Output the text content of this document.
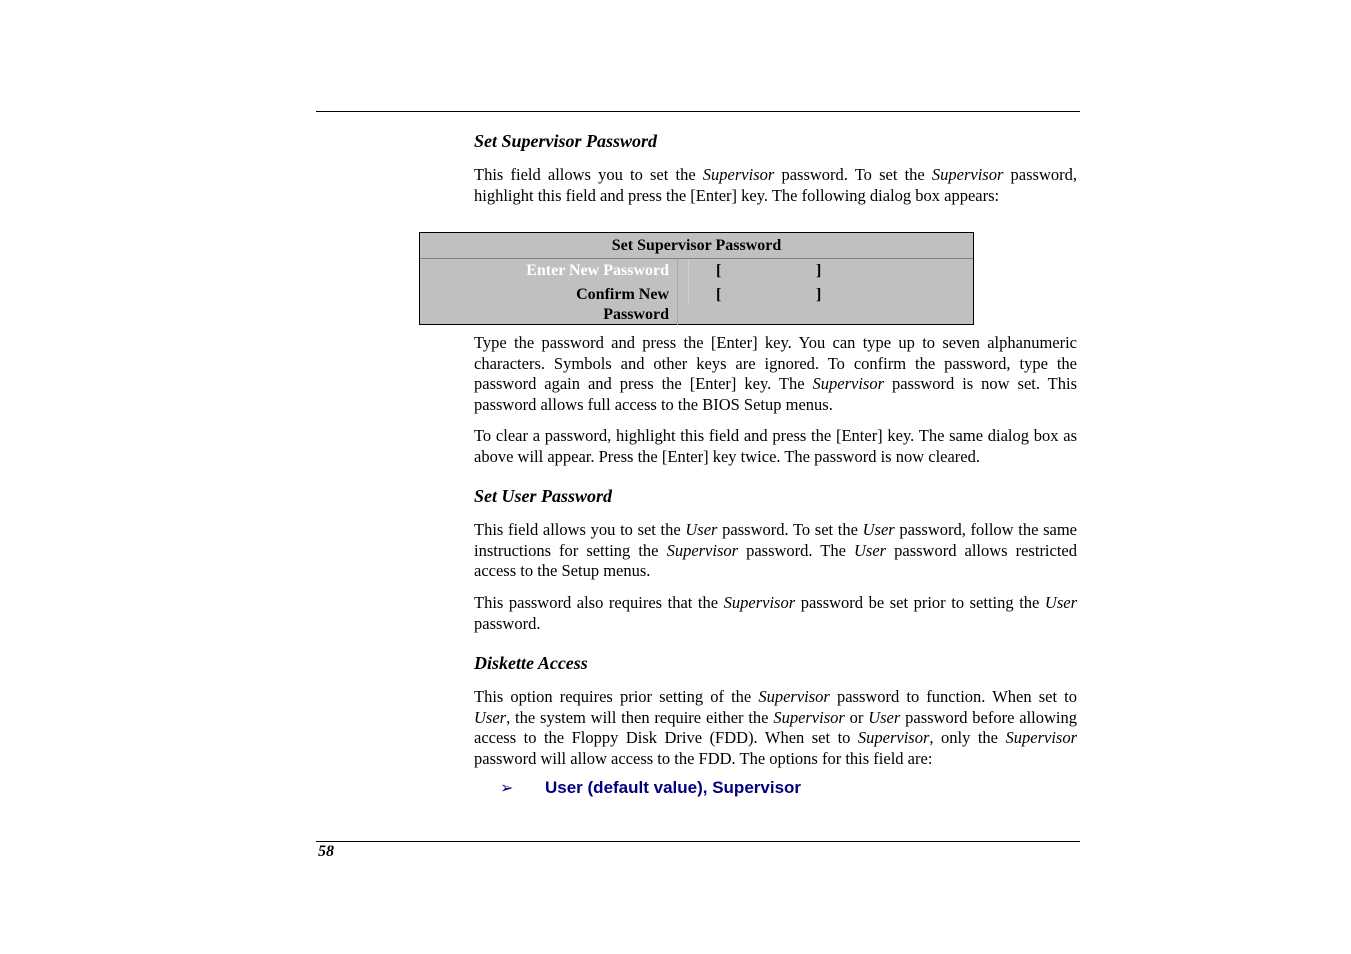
Set Supervisor Password

This field allows you to set the Supervisor password. To set the Supervisor password, highlight this field and press the [Enter] key. The following dialog box appears:

Set Supervisor Password
Enter New Password	[	]
Confirm New
Password
[	]

Type the password and press the [Enter] key. You can type up to seven alphanumeric characters. Symbols and other keys are ignored. To confirm the password, type the password again and press the [Enter] key. The Supervisor password is now set. This password allows full access to the BIOS Setup menus.

To clear a password, highlight this field and press the [Enter] key. The same dialog box as above will appear. Press the [Enter] key twice. The password is now cleared.

Set User Password

This field allows you to set the User password. To set the User password, follow the same instructions for setting the Supervisor password. The User password allows restricted access to the Setup menus.

This password also requires that the Supervisor password be set prior to setting the User password.

Diskette Access

This option requires prior setting of the Supervisor password to function. When set to User, the system will then require either the Supervisor or User password before allowing access to the Floppy Disk Drive (FDD). When set to Supervisor, only the Supervisor password will allow access to the FDD. The options for this field are:

➢ User (default value), Supervisor
58
